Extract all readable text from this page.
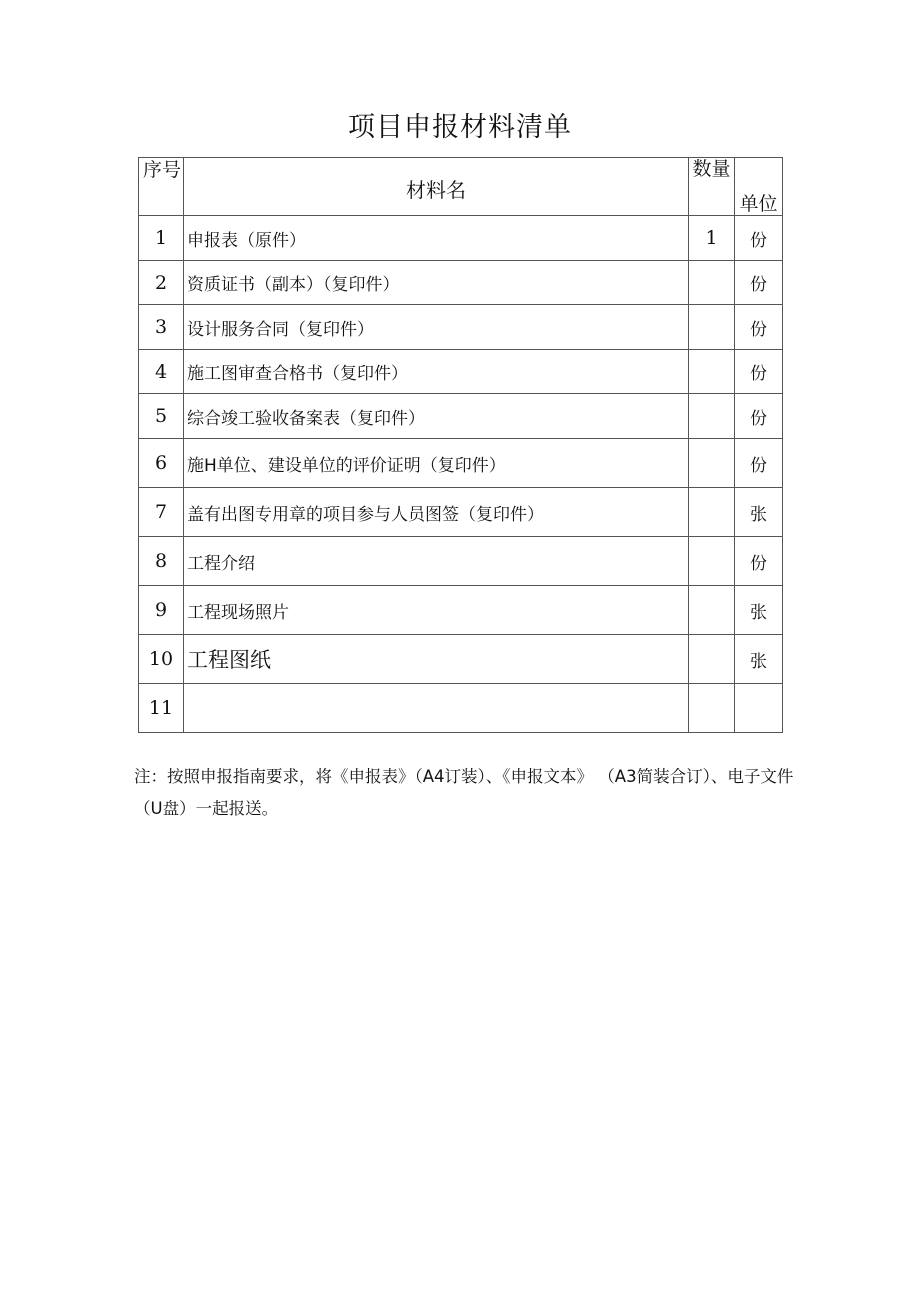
项目申报材料清单
序号	材料名	数量	单位
1	申报表（原件）	1	份
2	资质证书（副本）（复印件）		份
3	设计服务合同（复印件）		份
4	施工图审查合格书（复印件）		份
5	综合竣工验收备案表（复印件）		份
6	施H单位、建设单位的评价证明（复印件）		份
7	盖有出图专用章的项目参与人员图签（复印件）		张
8	工程介绍		份
9	工程现场照片		张
10	工程图纸		张
11			
注：按照申报指南要求，将《申报表》（A4订装）、《申报文本》 （A3简装合订）、电子文件（U盘）一起报送。
